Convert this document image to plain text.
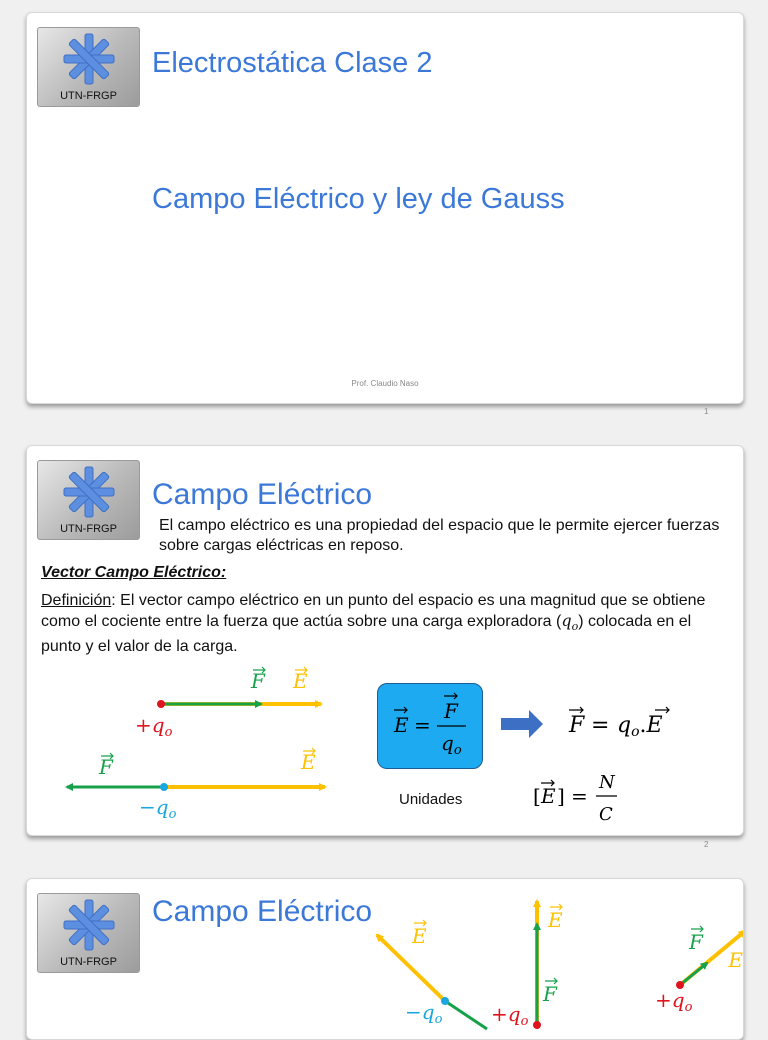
UTN-FRGP
Electrostática Clase 2
Campo Eléctrico y ley de Gauss
Prof. Claudio Naso
1
UTN-FRGP
Campo Eléctrico
El campo eléctrico es una propiedad del espacio que le permite ejercer fuerzas sobre cargas eléctricas en reposo.
Vector Campo Eléctrico:
Definición: El vector campo eléctrico en un punto del espacio es una magnitud que se obtiene como el cociente entre la fuerza que actúa sobre una carga exploradora $(q_o)$ colocada en el punto y el valor de la carga.
F E
$+q_o$
F	E
$-q_o$
E =
F
$q_o$
F = qo.E
[ E ] =
N
C
Unidades
2
UTN-FRGP
Campo Eléctrico
E
$-q_o$
E
F
$+q_o$
F
E
$+q_o$
